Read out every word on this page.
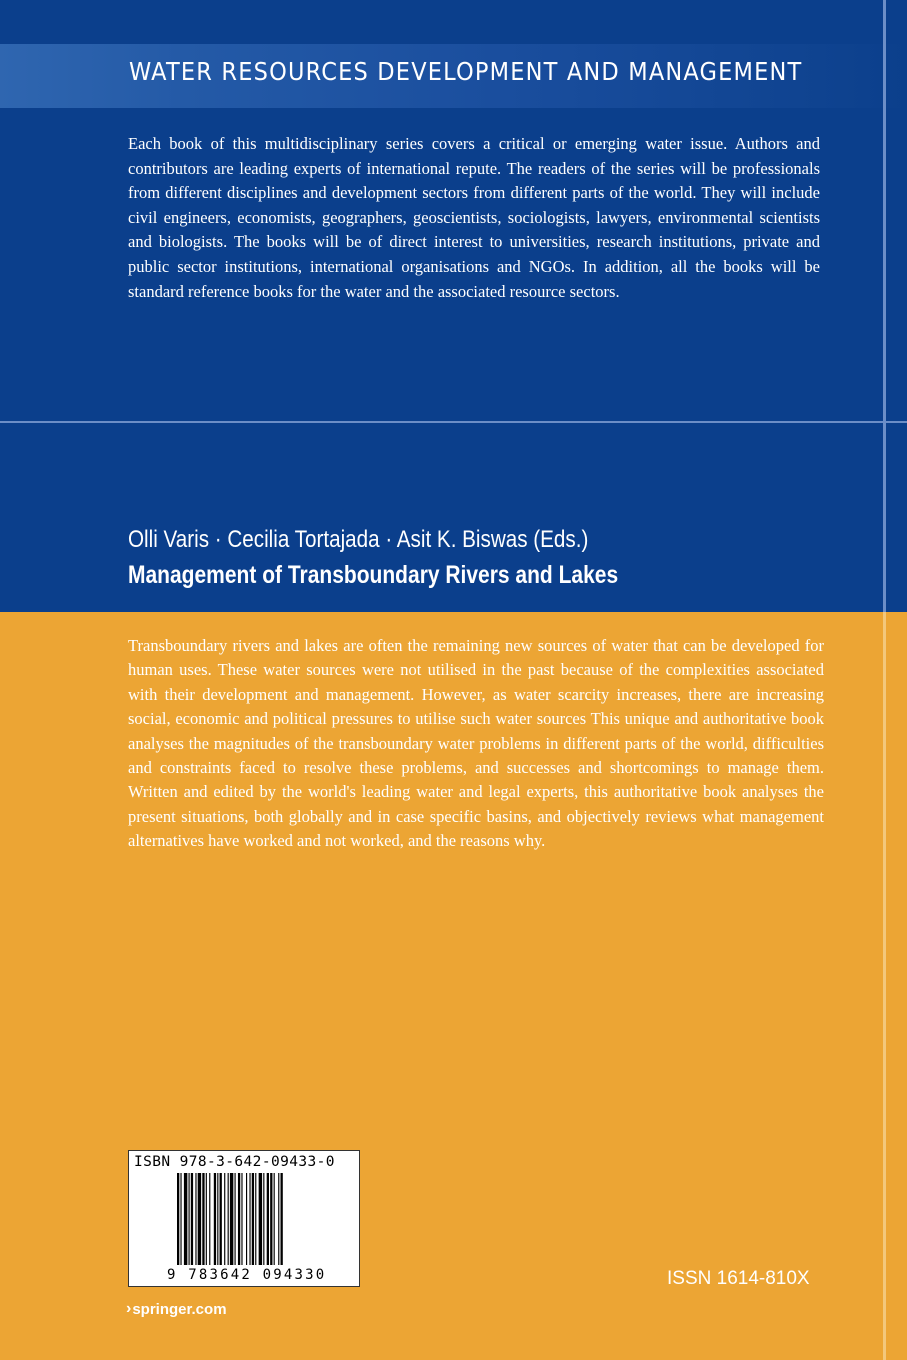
WATER RESOURCES DEVELOPMENT AND MANAGEMENT

Each book of this multidisciplinary series covers a critical or emerging water issue. Authors and contributors are leading experts of international repute. The readers of the series will be professionals from different disciplines and development sectors from different parts of the world. They will include civil engineers, economists, geographers, geoscientists, sociologists, lawyers, environmental scientists and biologists. The books will be of direct interest to universities, research institutions, private and public sector institutions, international organisations and NGOs. In addition, all the books will be standard reference books for the water and the associated resource sectors.

Olli Varis · Cecilia Tortajada · Asit K. Biswas (Eds.)
Management of Transboundary Rivers and Lakes

Transboundary rivers and lakes are often the remaining new sources of water that can be developed for human uses. These water sources were not utilised in the past because of the complexities associated with their development and management. However, as water scarcity increases, there are increasing social, economic and political pressures to utilise such water sources This unique and authoritative book analyses the magnitudes of the transboundary water problems in different parts of the world, difficulties and constraints faced to resolve these problems, and successes and shortcomings to manage them. Written and edited by the world's leading water and legal experts, this authoritative book analyses the present situations, both globally and in case specific basins, and objectively reviews what management alternatives have worked and not worked, and the reasons why.

ISBN 978-3-642-09433-0
9 783642 094330	ISSN 1614-810X
› springer.com
